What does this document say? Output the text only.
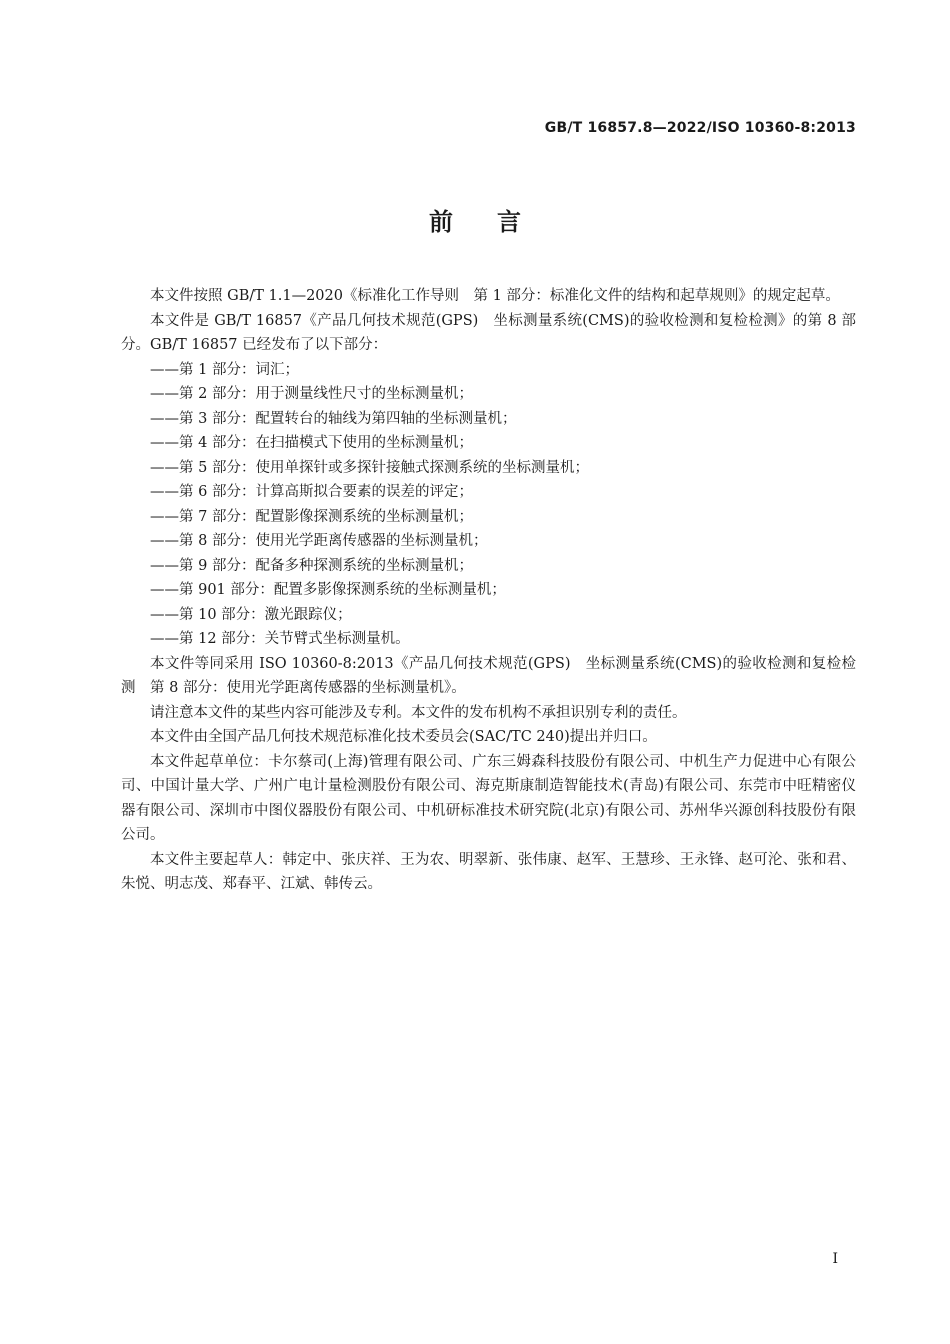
GB/T 16857.8—2022/ISO 10360-8:2013
前言

本文件按照 GB/T 1.1—2020《标准化工作导则　第 1 部分：标准化文件的结构和起草规则》的规定起草。

本文件是 GB/T 16857《产品几何技术规范(GPS)　坐标测量系统(CMS)的验收检测和复检检测》的第 8 部分。GB/T 16857 已经发布了以下部分：

——第 1 部分：词汇；

——第 2 部分：用于测量线性尺寸的坐标测量机；

——第 3 部分：配置转台的轴线为第四轴的坐标测量机；

——第 4 部分：在扫描模式下使用的坐标测量机；

——第 5 部分：使用单探针或多探针接触式探测系统的坐标测量机；

——第 6 部分：计算高斯拟合要素的误差的评定；

——第 7 部分：配置影像探测系统的坐标测量机；

——第 8 部分：使用光学距离传感器的坐标测量机；

——第 9 部分：配备多种探测系统的坐标测量机；

——第 901 部分：配置多影像探测系统的坐标测量机；

——第 10 部分：激光跟踪仪；

——第 12 部分：关节臂式坐标测量机。

本文件等同采用 ISO 10360-8:2013《产品几何技术规范(GPS)　坐标测量系统(CMS)的验收检测和复检检测　第 8 部分：使用光学距离传感器的坐标测量机》。

请注意本文件的某些内容可能涉及专利。本文件的发布机构不承担识别专利的责任。

本文件由全国产品几何技术规范标准化技术委员会(SAC/TC 240)提出并归口。

本文件起草单位：卡尔蔡司(上海)管理有限公司、广东三姆森科技股份有限公司、中机生产力促进中心有限公司、中国计量大学、广州广电计量检测股份有限公司、海克斯康制造智能技术(青岛)有限公司、东莞市中旺精密仪器有限公司、深圳市中图仪器股份有限公司、中机研标准技术研究院(北京)有限公司、苏州华兴源创科技股份有限公司。

本文件主要起草人：韩定中、张庆祥、王为农、明翠新、张伟康、赵军、王慧珍、王永锋、赵可沦、张和君、朱悦、明志茂、郑春平、江斌、韩传云。

I
